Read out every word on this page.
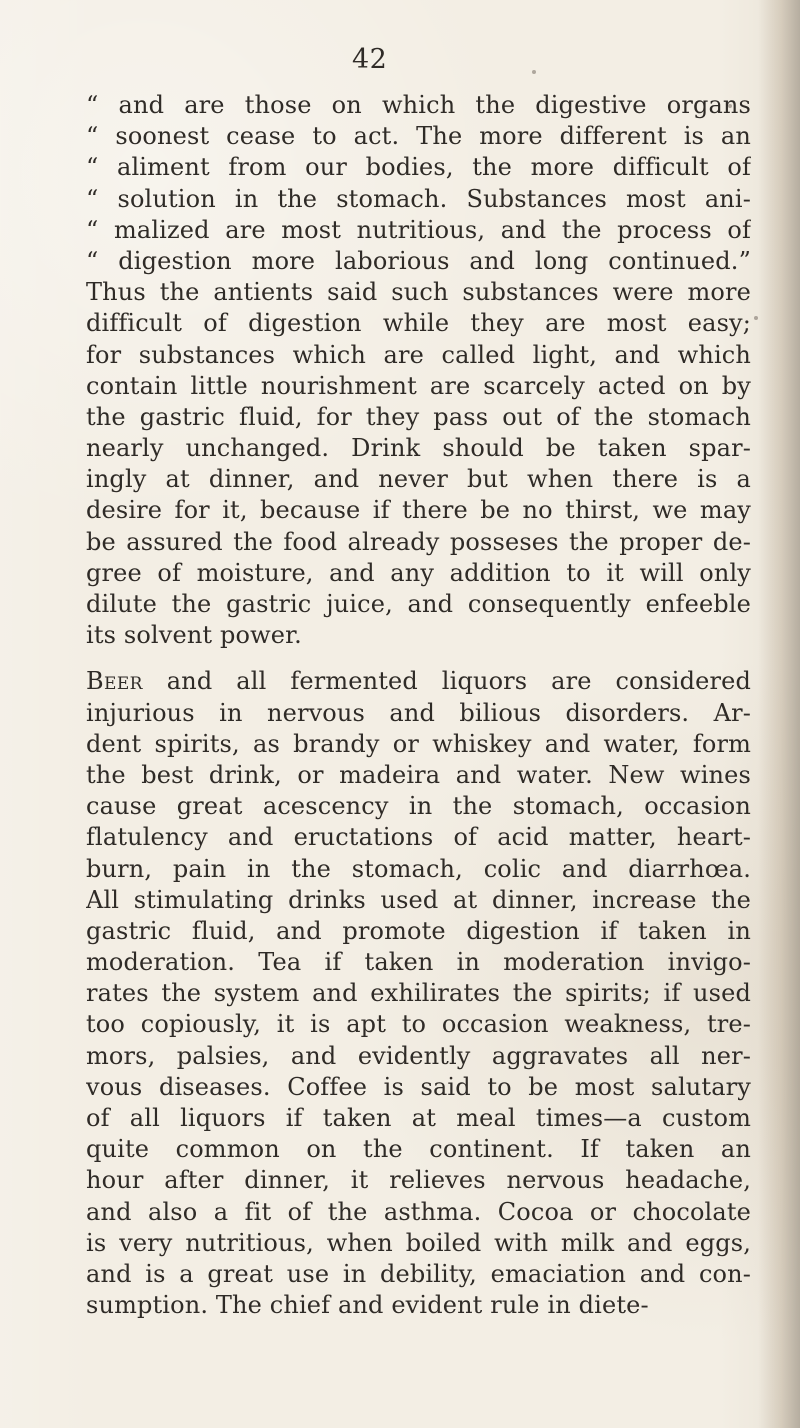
42
“ and are those on which the digestive organs
“ soonest cease to act. The more different is an
“ aliment from our bodies, the more difficult of
“ solution in the stomach. Substances most ani-
“ malized are most nutritious, and the process of
“ digestion more laborious and long continued.”
Thus the antients said such substances were more
difficult of digestion while they are most easy;
for substances which are called light, and which
contain little nourishment are scarcely acted on by
the gastric fluid, for they pass out of the stomach
nearly unchanged. Drink should be taken spar-
ingly at dinner, and never but when there is a
desire for it, because if there be no thirst, we may
be assured the food already posseses the proper de-
gree of moisture, and any addition to it will only
dilute the gastric juice, and consequently enfeeble
its solvent power.
Beer and all fermented liquors are considered
injurious in nervous and bilious disorders. Ar-
dent spirits, as brandy or whiskey and water, form
the best drink, or madeira and water. New wines
cause great acescency in the stomach, occasion
flatulency and eructations of acid matter, heart-
burn, pain in the stomach, colic and diarrhœa.
All stimulating drinks used at dinner, increase the
gastric fluid, and promote digestion if taken in
moderation. Tea if taken in moderation invigo-
rates the system and exhilirates the spirits; if used
too copiously, it is apt to occasion weakness, tre-
mors, palsies, and evidently aggravates all ner-
vous diseases. Coffee is said to be most salutary
of all liquors if taken at meal times—a custom
quite common on the continent. If taken an
hour after dinner, it relieves nervous headache,
and also a fit of the asthma. Cocoa or chocolate
is very nutritious, when boiled with milk and eggs,
and is a great use in debility, emaciation and con-
sumption. The chief and evident rule in diete-
